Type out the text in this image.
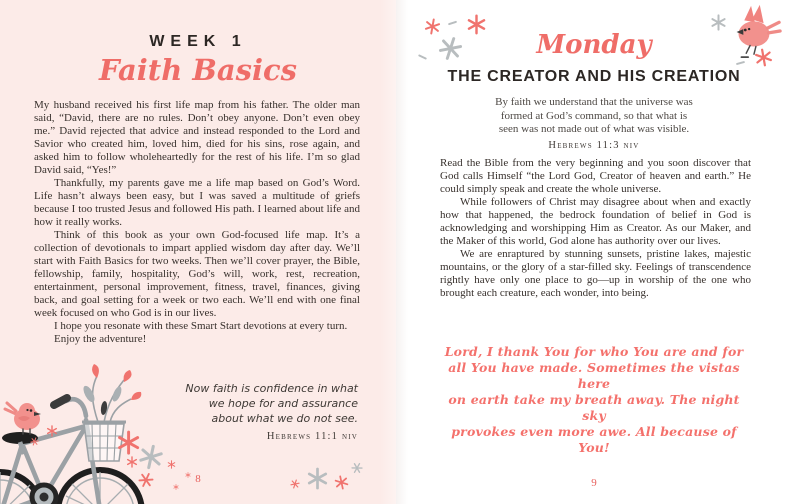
WEEK 1
Faith Basics

My husband received his first life map from his father. The older man said, “David, there are no rules. Don’t obey anyone. Don’t even obey me.” David rejected that advice and instead responded to the Lord and Savior who created him, loved him, died for his sins, rose again, and asked him to follow wholeheartedly for the rest of his life. I’m so glad David said, “Yes!”

Thankfully, my parents gave me a life map based on God’s Word. Life hasn’t always been easy, but I was saved a multitude of griefs because I too trusted Jesus and followed His path. I learned about life and how it really works.

Think of this book as your own God-focused life map. It’s a collection of devotionals to impart applied wisdom day after day. We’ll start with Faith Basics for two weeks. Then we’ll cover prayer, the Bible, fellowship, family, hospitality, God’s will, work, rest, recreation, entertainment, personal improvement, fitness, travel, finances, giving back, and goal setting for a week or two each. We’ll end with one final week focused on who God is in our lives.

I hope you resonate with these Smart Start devotions at every turn.

Enjoy the adventure!

Now faith is confidence in what
we hope for and assurance
about what we do not see.
Hebrews 11:1 niv
8
Monday
THE CREATOR AND HIS CREATION
By faith we understand that the universe was
formed at God’s command, so that what is
seen was not made out of what was visible.
Hebrews 11:3 niv

Read the Bible from the very beginning and you soon discover that God calls Himself “the Lord God, Creator of heaven and earth.” He could simply speak and create the whole universe.

While followers of Christ may disagree about when and exactly how that happened, the bedrock foundation of belief in God is acknowledging and worshipping Him as Creator. As our Maker, and the Maker of this world, God alone has authority over our lives.

We are enraptured by stunning sunsets, pristine lakes, majestic mountains, or the glory of a star-filled sky. Feelings of transcendence rightly have only one place to go—up in worship of the one who brought each creature, each wonder, into being.

Lord, I thank You for who You are and for
all You have made. Sometimes the vistas here
on earth take my breath away. The night sky
provokes even more awe. All because of You!
9
